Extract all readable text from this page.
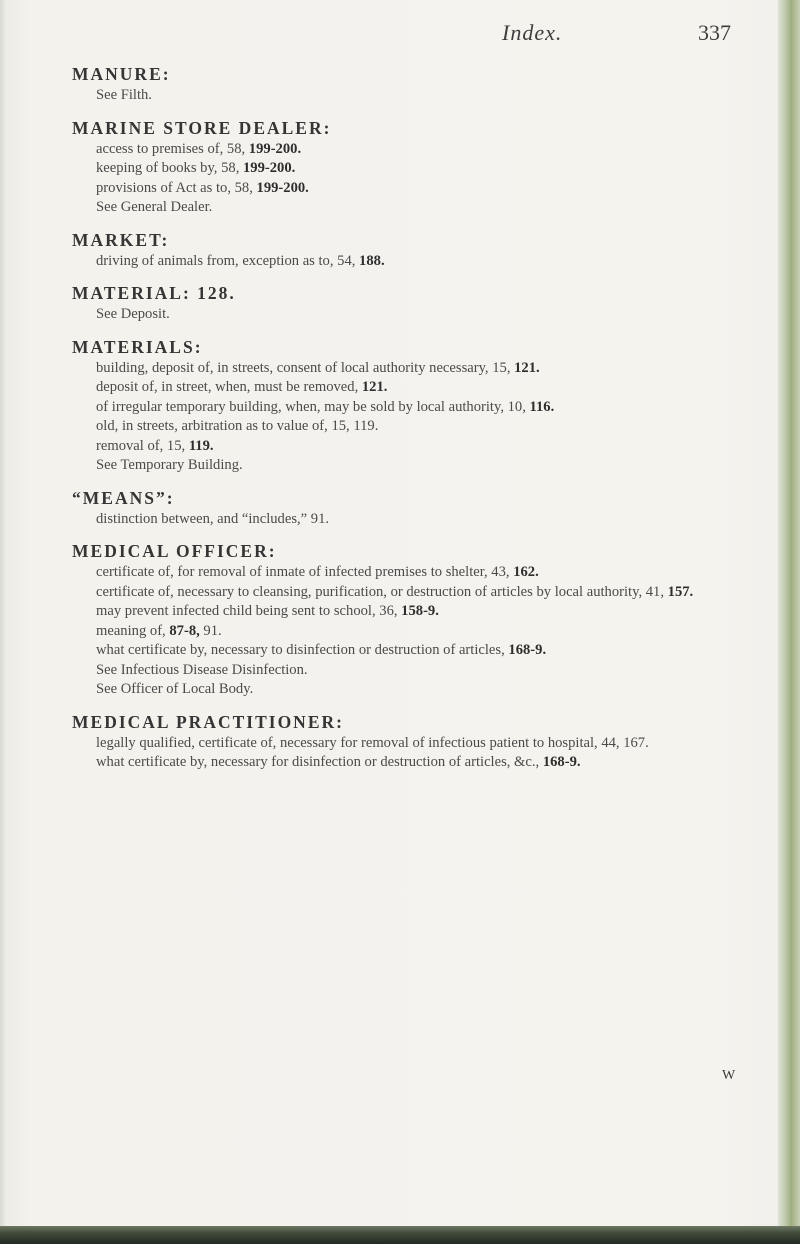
Index.	337
MANURE:
See Filth.
MARINE STORE DEALER:
access to premises of, 58, 199-200.
keeping of books by, 58, 199-200.
provisions of Act as to, 58, 199-200.
See General Dealer.
MARKET:
driving of animals from, exception as to, 54, 188.
MATERIAL: 128.
See Deposit.
MATERIALS:
building, deposit of, in streets, consent of local authority necessary, 15, 121.
deposit of, in street, when, must be removed, 121.
of irregular temporary building, when, may be sold by local authority, 10, 116.
old, in streets, arbitration as to value of, 15, 119.
removal of, 15, 119.
See Temporary Building.
“MEANS”:
distinction between, and “includes,” 91.
MEDICAL OFFICER:
certificate of, for removal of inmate of infected premises to shelter, 43, 162.
certificate of, necessary to cleansing, purification, or destruction of articles by local authority, 41, 157.
may prevent infected child being sent to school, 36, 158-9.
meaning of, 87-8, 91.
what certificate by, necessary to disinfection or destruction of articles, 168-9.
See Infectious Disease Disinfection.
See Officer of Local Body.
MEDICAL PRACTITIONER:
legally qualified, certificate of, necessary for removal of infectious patient to hospital, 44, 167.
what certificate by, necessary for disinfection or destruction of articles, &c., 168-9.
W
